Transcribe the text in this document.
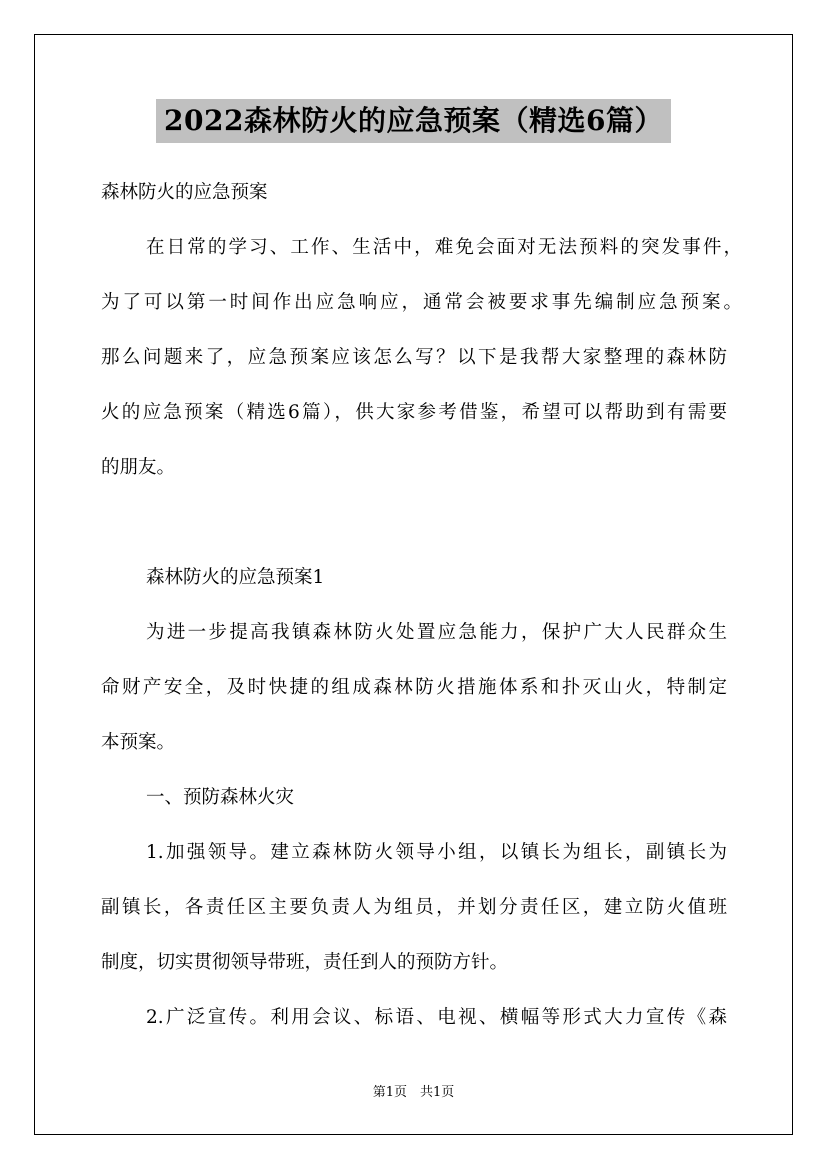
2022森林防火的应急预案（精选6篇）
森林防火的应急预案
在日常的学习、工作、生活中，难免会面对无法预料的突发事件，
为了可以第一时间作出应急响应，通常会被要求事先编制应急预案。
那么问题来了，应急预案应该怎么写？以下是我帮大家整理的森林防
火的应急预案（精选6篇），供大家参考借鉴，希望可以帮助到有需要
的朋友。
森林防火的应急预案1
为进一步提高我镇森林防火处置应急能力，保护广大人民群众生
命财产安全，及时快捷的组成森林防火措施体系和扑灭山火，特制定
本预案。
一、预防森林火灾
1.加强领导。建立森林防火领导小组，以镇长为组长，副镇长为
副镇长，各责任区主要负责人为组员，并划分责任区，建立防火值班
制度，切实贯彻领导带班，责任到人的预防方针。
2.广泛宣传。利用会议、标语、电视、横幅等形式大力宣传《森
第1页　共1页
